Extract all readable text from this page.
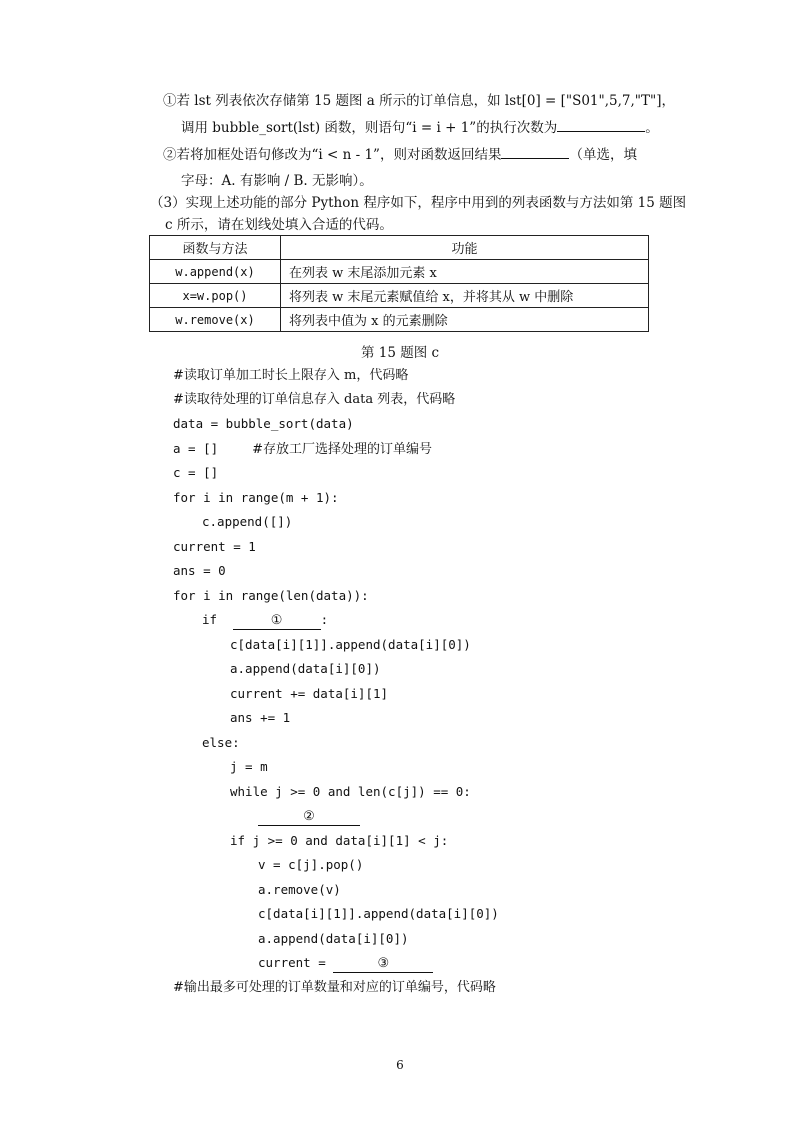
①若 lst 列表依次存储第 15 题图 a 所示的订单信息，如 lst[0] = ["S01",5,7,"T"]，
调用 bubble_sort(lst) 函数，则语句“i = i + 1”的执行次数为	。
②若将加框处语句修改为“i < n - 1”，则对函数返回结果	（单选，填
字母：A. 有影响 / B. 无影响）。
（3）实现上述功能的部分 Python 程序如下，程序中用到的列表函数与方法如第 15 题图
c 所示，请在划线处填入合适的代码。
函数与方法	功能
w.append(x)	在列表 w 末尾添加元素 x
x=w.pop()	将列表 w 末尾元素赋值给 x，并将其从 w 中删除
w.remove(x)	将列表中值为 x 的元素删除
第 15 题图 c
#读取订单加工时长上限存入 m，代码略
#读取待处理的订单信息存入 data 列表，代码略
data = bubble_sort(data)
a = []	#存放工厂选择处理的订单编号
c = []
for i in range(m + 1):
c.append([])
current = 1
ans = 0
for i in range(len(data)):
if	①	:
c[data[i][1]].append(data[i][0])
a.append(data[i][0])
current += data[i][1]
ans += 1
else:
j = m
while j >= 0 and len(c[j]) == 0:
②
if j >= 0 and data[i][1] < j:
v = c[j].pop()
a.remove(v)
c[data[i][1]].append(data[i][0])
a.append(data[i][0])
current =	③
#输出最多可处理的订单数量和对应的订单编号，代码略
6
